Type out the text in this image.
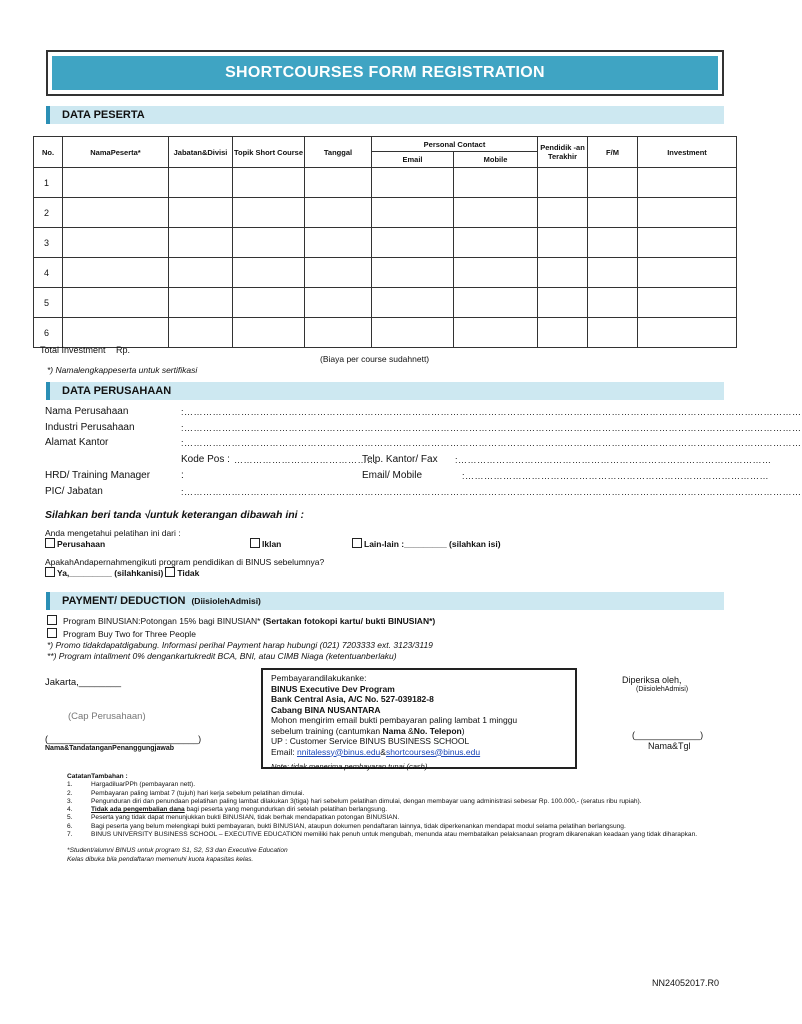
SHORTCOURSES FORM REGISTRATION
DATA PESERTA
No.	NamaPeserta*	Jabatan&Divisi	Topik Short Course	Tanggal	Personal Contact		Pendidik -an Terakhir	F/M	Investment
					Email	Mobile			
1									
2									
3									
4									
5									
6									
Total Investment Rp.
(Biaya per course sudahnett)
*) Namalengkappeserta untuk sertifikasi
DATA PERUSAHAAN
Nama Perusahaan	:……………………………………………………………………………………………………………………………………………………………………………
Industri Perusahaan	:……………………………………………………………………………………………………………………………………………………………………………
Alamat Kantor	:……………………………………………………………………………………………………………………………………………………………………………
Kode Pos : ………………………………………
Telp. Kantor/ Fax :………………………………………………………………………………………
HRD/ Training Manager	:	Email/ Mobile	:……………………………………………………………………………………
PIC/ Jabatan	:……………………………………………………………………………………………………………………………………………………………………………
Silahkan beri tanda √untuk keterangan dibawah ini :
Anda mengetahui pelatihan ini dari :
Perusahaan	Iklan	Lain-lain :_________ (silahkan isi)
ApakahAndapernahmengikuti program pendidikan di BINUS sebelumnya?
Ya,_________ (silahkanisi) Tidak
PAYMENT/ DEDUCTION (DiisiolehAdmisi)
Program BINUSIAN:Potongan 15% bagi BINUSIAN* (Sertakan fotokopi kartu/ bukti BINUSIAN*)
Program Buy Two for Three People
*) Promo tidakdapatdigabung. Informasi perihal Payment harap hubungi (021) 7203333 ext. 3123/3119
**) Program intallment 0% dengankartukredit BCA, BNI, atau CIMB Niaga (ketentuanberlaku)
Jakarta,________
(Cap Perusahaan)
(______________________________)
Nama&TandatanganPenanggungjawab
Pembayarandilakukanke:
BINUS Executive Dev Program
Bank Central Asia, A/C No. 527-039182-8
Cabang BINA NUSANTARA
Mohon mengirim email bukti pembayaran paling lambat 1 minggu
sebelum training (cantumkan Nama &No. Telepon)
UP : Customer Service BINUS BUSINESS SCHOOL
Email: nnitalessy@binus.edu&shortcourses@binus.edu
Note: tidak menerima pembayaran tunai (cash)
Diperiksa oleh,
(DiisiolehAdmisi)
(_____________)
Nama&Tgl
CatatanTambahan :
1.	HargadiluarPPh (pembayaran nett).
2.	Pembayaran paling lambat 7 (tujuh) hari kerja sebelum pelatihan dimulai.
3.	Pengunduran diri dan penundaan pelatihan paling lambat dilakukan 3(tiga) hari sebelum pelatihan dimulai, dengan membayar uang administrasi sebesar Rp. 100.000,- (seratus ribu rupiah).
4.	Tidak ada pengembalian dana bagi peserta yang mengundurkan diri setelah pelatihan berlangsung.
5.	Peserta yang tidak dapat menunjukkan bukti BINUSIAN, tidak berhak mendapatkan potongan BINUSIAN.
6.	Bagi peserta yang belum melengkapi bukti pembayaran, bukti BINUSIAN, ataupun dokumen pendaftaran lainnya, tidak diperkenankan mendapat modul selama pelatihan berlangsung.
7.	BINUS UNIVERSITY BUSINESS SCHOOL – EXECUTIVE EDUCATION memiliki hak penuh untuk mengubah, menunda atau membatalkan pelaksanaan program dikarenakan keadaan yang tidak diharapkan.
*Student/alumni BINUS untuk program S1, S2, S3 dan Executive Education
Kelas dibuka bila pendaftaran memenuhi kuota kapasitas kelas.
NN24052017.R0
